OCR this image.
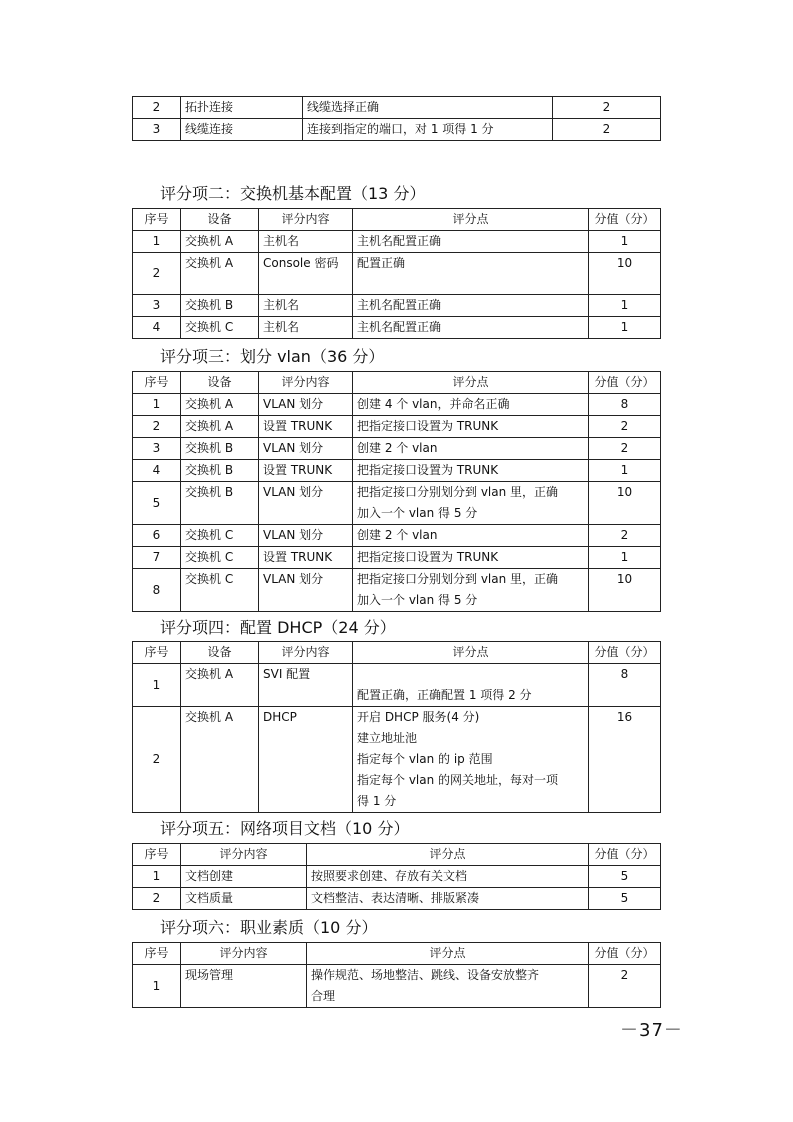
2	拓扑连接	线缆选择正确	2
3	线缆连接	连接到指定的端口，对 1 项得 1 分	2
评分项二：交换机基本配置（13 分）
序号	设备	评分内容	评分点	分值（分）
1	交换机 A	主机名	主机名配置正确	1
2	交换机 A	Console 密码	配置正确	10
3	交换机 B	主机名	主机名配置正确	1
4	交换机 C	主机名	主机名配置正确	1
评分项三：划分 vlan（36 分）
序号	设备	评分内容	评分点	分值（分）
1	交换机 A	VLAN 划分	创建 4 个 vlan，并命名正确	8
2	交换机 A	设置 TRUNK	把指定接口设置为 TRUNK	2
3	交换机 B	VLAN 划分	创建 2 个 vlan	2
4	交换机 B	设置 TRUNK	把指定接口设置为 TRUNK	1
5	交换机 B	VLAN 划分	把指定接口分别划分到 vlan 里，正确
加入一个 vlan 得 5 分	10
6	交换机 C	VLAN 划分	创建 2 个 vlan	2
7	交换机 C	设置 TRUNK	把指定接口设置为 TRUNK	1
8	交换机 C	VLAN 划分	把指定接口分别划分到 vlan 里，正确
加入一个 vlan 得 5 分	10
评分项四：配置 DHCP（24 分）
序号	设备	评分内容	评分点	分值（分）
1	交换机 A	SVI 配置	配置正确，正确配置 1 项得 2 分	8
2	交换机 A	DHCP	开启 DHCP 服务(4 分)
建立地址池
指定每个 vlan 的 ip 范围
指定每个 vlan 的网关地址，每对一项
得 1 分	16
评分项五：网络项目文档（10 分）
序号	评分内容	评分点	分值（分）
1	文档创建	按照要求创建、存放有关文档	5
2	文档质量	文档整洁、表达清晰、排版紧凑	5
评分项六：职业素质（10 分）
序号	评分内容	评分点	分值（分）
1	现场管理	操作规范、场地整洁、跳线、设备安放整齐
合理	2
－37－
